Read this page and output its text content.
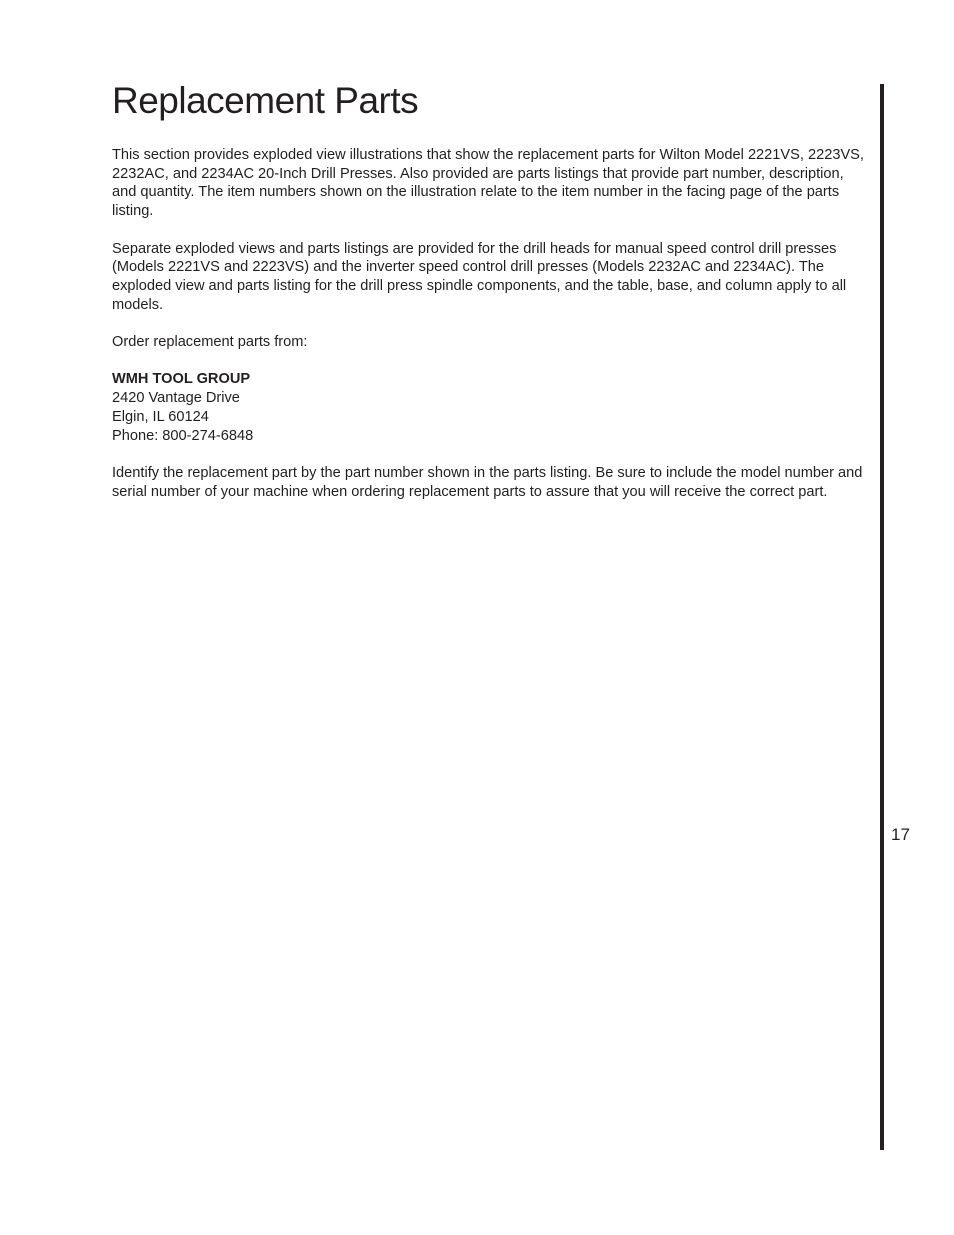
Replacement Parts

This section provides exploded view illustrations that show the replacement parts for Wilton Model 2221VS, 2223VS, 2232AC, and 2234AC 20-Inch Drill Presses. Also provided are parts listings that provide part number, description, and quantity. The item numbers shown on the illustration relate to the item number in the facing page of the parts listing.

Separate exploded views and parts listings are provided for the drill heads for manual speed control drill presses (Models 2221VS and 2223VS) and the inverter speed control drill presses (Models 2232AC and 2234AC). The exploded view and parts listing for the drill press spindle components, and the table, base, and column apply to all models.

Order replacement parts from:

WMH TOOL GROUP
2420 Vantage Drive
Elgin, IL 60124
Phone: 800-274-6848

Identify the replacement part by the part number shown in the parts listing. Be sure to include the model number and serial number of your machine when ordering replacement parts to assure that you will receive the correct part.

17
